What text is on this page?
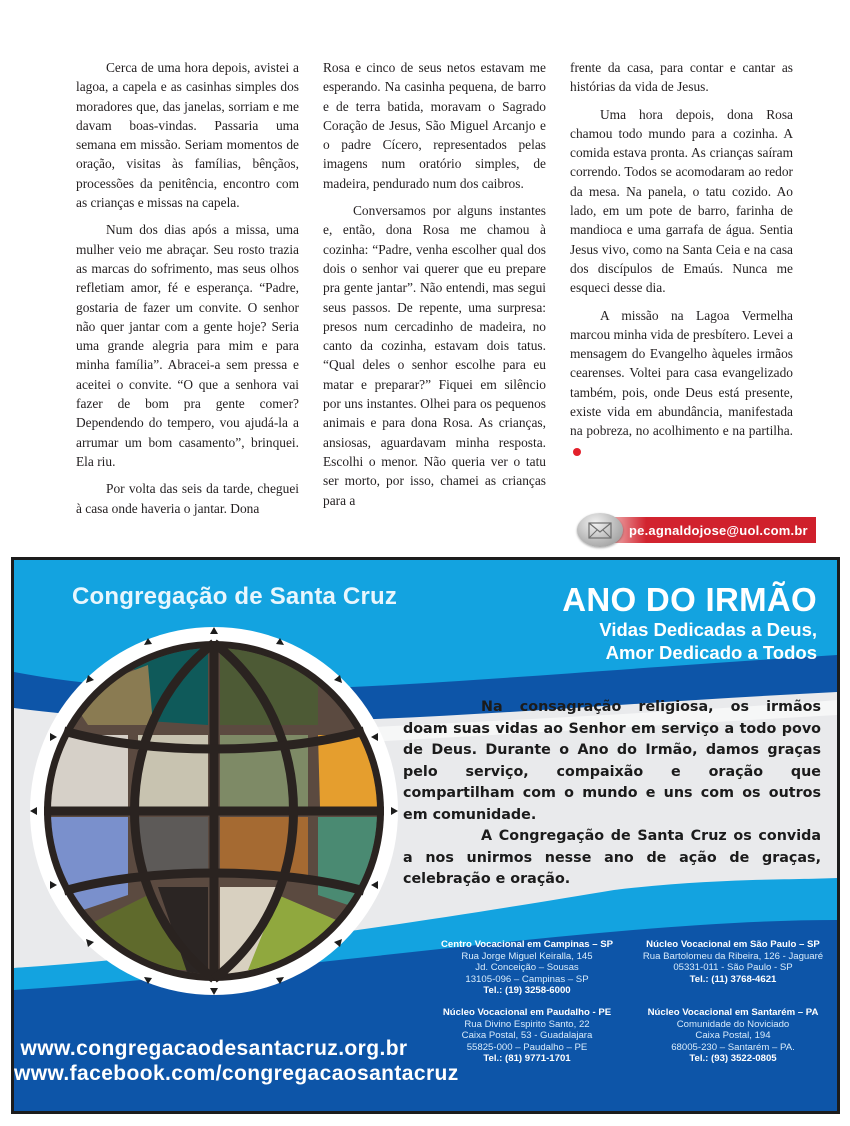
Cerca de uma hora depois, avistei a lagoa, a capela e as casinhas simples dos moradores que, das janelas, sorriam e me davam boas-vindas. Passaria uma semana em missão. Seriam momentos de oração, visitas às famílias, bênçãos, processões da penitência, encontro com as crianças e missas na capela.

Num dos dias após a missa, uma mulher veio me abraçar. Seu rosto trazia as marcas do sofrimento, mas seus olhos refletiam amor, fé e esperança. “Padre, gostaria de fazer um convite. O senhor não quer jantar com a gente hoje? Seria uma grande alegria para mim e para minha família”. Abracei-a sem pressa e aceitei o convite. “O que a senhora vai fazer de bom pra gente comer? Dependendo do tempero, vou ajudá-la a arrumar um bom casamento”, brinquei. Ela riu.

Por volta das seis da tarde, cheguei à casa onde haveria o jantar. Dona

Rosa e cinco de seus netos estavam me esperando. Na casinha pequena, de barro e de terra batida, moravam o Sagrado Coração de Jesus, São Miguel Arcanjo e o padre Cícero, representados pelas imagens num oratório simples, de madeira, pendurado num dos caibros.

Conversamos por alguns instantes e, então, dona Rosa me chamou à cozinha: “Padre, venha escolher qual dos dois o senhor vai querer que eu prepare pra gente jantar”. Não entendi, mas segui seus passos. De repente, uma surpresa: presos num cercadinho de madeira, no canto da cozinha, estavam dois tatus. “Qual deles o senhor escolhe para eu matar e preparar?” Fiquei em silêncio por uns instantes. Olhei para os pequenos animais e para dona Rosa. As crianças, ansiosas, aguardavam minha resposta. Escolhi o menor. Não queria ver o tatu ser morto, por isso, chamei as crianças para a

frente da casa, para contar e cantar as histórias da vida de Jesus.

Uma hora depois, dona Rosa chamou todo mundo para a cozinha. A comida estava pronta. As crianças saíram correndo. Todos se acomodaram ao redor da mesa. Na panela, o tatu cozido. Ao lado, em um pote de barro, farinha de mandioca e uma garrafa de água. Sentia Jesus vivo, como na Santa Ceia e na casa dos discípulos de Emaús. Nunca me esqueci desse dia.

A missão na Lagoa Vermelha marcou minha vida de presbítero. Levei a mensagem do Evangelho àqueles irmãos cearenses. Voltei para casa evangelizado também, pois, onde Deus está presente, existe vida em abundância, manifestada na pobreza, no acolhimento e na partilha.

pe.agnaldojose@uol.com.br
Congregação de Santa Cruz	ANO DO IRMÃO
Vidas Dedicadas a Deus,
Amor Dedicado a Todos

Na consagração religiosa, os irmãos doam suas vidas ao Senhor em serviço a todo povo de Deus. Durante o Ano do Irmão, damos graças pelo serviço, compaixão e oração que compartilham com o mundo e uns com os outros em comunidade.

A Congregação de Santa Cruz os convida a nos unirmos nesse ano de ação de graças, celebração e oração.

Centro Vocacional em Campinas – SP
Rua Jorge Miguel Keiralla, 145
Jd. Conceição – Sousas
13105-096 – Campinas – SP
Tel.: (19) 3258-6000
Núcleo Vocacional em São Paulo – SP
Rua Bartolomeu da Ribeira, 126 - Jaguaré
05331-011 - São Paulo - SP
Tel.: (11) 3768-4621
Núcleo Vocacional em Paudalho - PE
Rua Divino Espirito Santo, 22
Caixa Postal, 53 - Guadalajara
55825-000 – Paudalho – PE
Tel.: (81) 9771-1701
Núcleo Vocacional em Santarém – PA
Comunidade do Noviciado
Caixa Postal, 194
68005-230 – Santarém – PA.
Tel.: (93) 3522-0805
www.congregacaodesantacruz.org.br
www.facebook.com/congregacaosantacruz
